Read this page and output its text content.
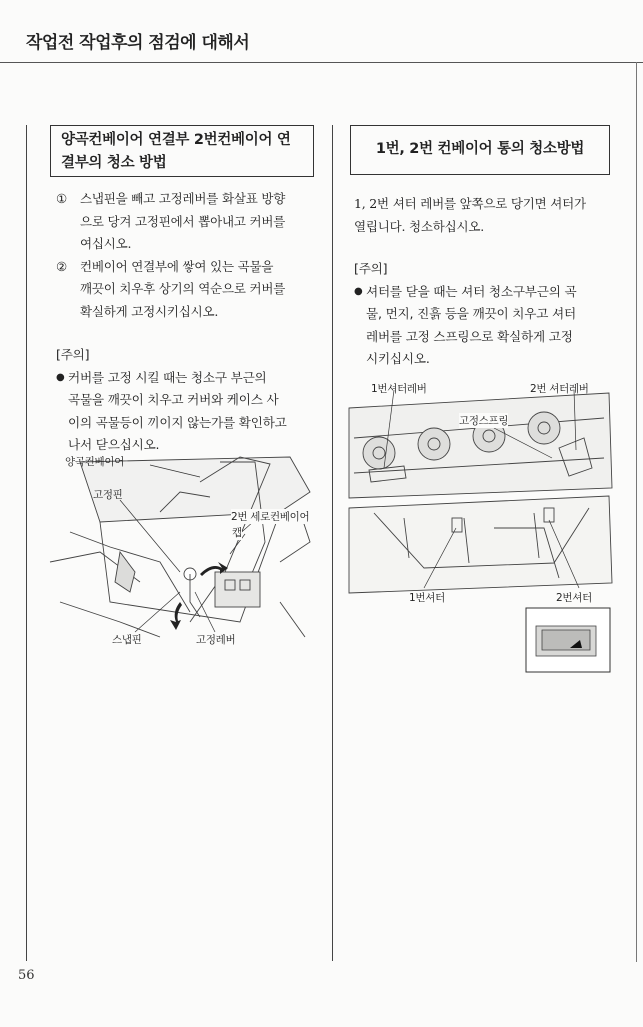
작업전 작업후의 점검에 대해서
양곡컨베이어 연결부 2번컨베이어 연
결부의 청소 방법
①	스냅핀을 빼고 고정레버를 화살표 방향
으로 당겨 고정핀에서 뽑아내고 커버를
여십시오.
②	컨베이어 연결부에 쌓여 있는 곡물을
깨끗이 치우후 상기의 역순으로 커버를
확실하게 고정시키십시오.
[주의]
● 커버를 고정 시킬 때는 청소구 부근의
곡물을 깨끗이 치우고 커버와 케이스 사
이의 곡물등이 끼이지 않는가를 확인하고
나서 닫으십시오.
양곡컨베이어
고정핀
2번 세로컨베이어
캡
스냅핀	고정레버
1번, 2번 컨베이어 통의 청소방법
1, 2번 셔터 레버를 앞쪽으로 당기면 셔터가
열립니다. 청소하십시오.
[주의]
● 셔터를 닫을 때는 셔터 청소구부근의 곡
물, 먼지, 진흙 등을 깨끗이 치우고 셔터
레버를 고정 스프링으로 확실하게 고정
시키십시오.
1번셔터레버	2번 셔터레버
고정스프링
1번셔터	2번셔터
56
